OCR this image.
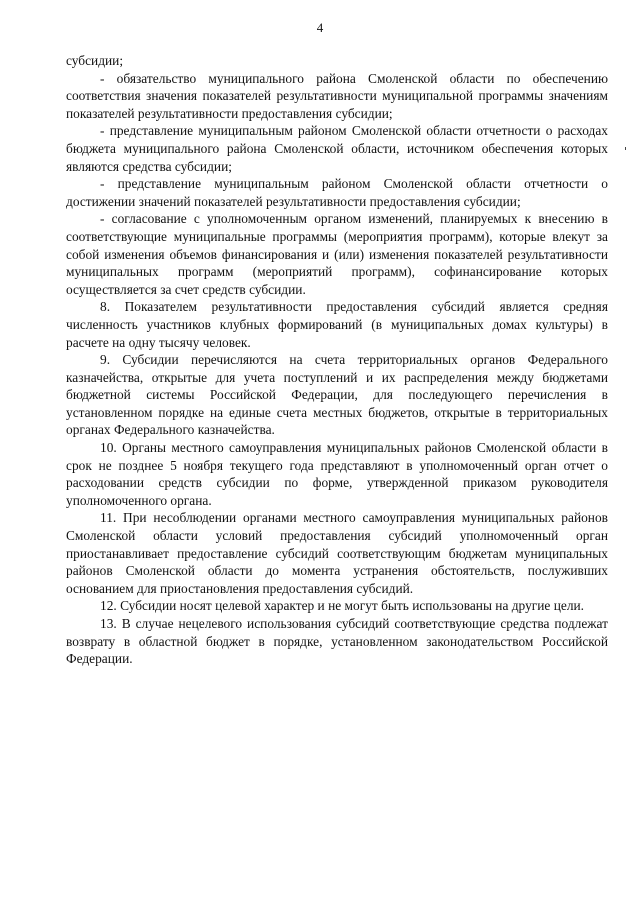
4

субсидии;

- обязательство муниципального района Смоленской области по обеспечению соответствия значения показателей результативности муниципальной программы значениям показателей результативности предоставления субсидии;

- представление муниципальным районом Смоленской области отчетности о расходах бюджета муниципального района Смоленской области, источником обеспечения которых являются средства субсидии;

- представление муниципальным районом Смоленской области отчетности о достижении значений показателей результативности предоставления субсидии;

- согласование с уполномоченным органом изменений, планируемых к внесению в соответствующие муниципальные программы (мероприятия программ), которые влекут за собой изменения объемов финансирования и (или) изменения показателей результативности муниципальных программ (мероприятий программ), софинансирование которых осуществляется за счет средств субсидии.

8. Показателем результативности предоставления субсидий является средняя численность участников клубных формирований (в муниципальных домах культуры) в расчете на одну тысячу человек.

9. Субсидии перечисляются на счета территориальных органов Федерального казначейства, открытые для учета поступлений и их распределения между бюджетами бюджетной системы Российской Федерации, для последующего перечисления в установленном порядке на единые счета местных бюджетов, открытые в территориальных органах Федерального казначейства.

10. Органы местного самоуправления муниципальных районов Смоленской области в срок не позднее 5 ноября текущего года представляют в уполномоченный орган отчет о расходовании средств субсидии по форме, утвержденной приказом руководителя уполномоченного органа.

11. При несоблюдении органами местного самоуправления муниципальных районов Смоленской области условий предоставления субсидий уполномоченный орган приостанавливает предоставление субсидий соответствующим бюджетам муниципальных районов Смоленской области до момента устранения обстоятельств, послуживших основанием для приостановления предоставления субсидий.

12. Субсидии носят целевой характер и не могут быть использованы на другие цели.

13. В случае нецелевого использования субсидий соответствующие средства подлежат возврату в областной бюджет в порядке, установленном законодательством Российской Федерации.
